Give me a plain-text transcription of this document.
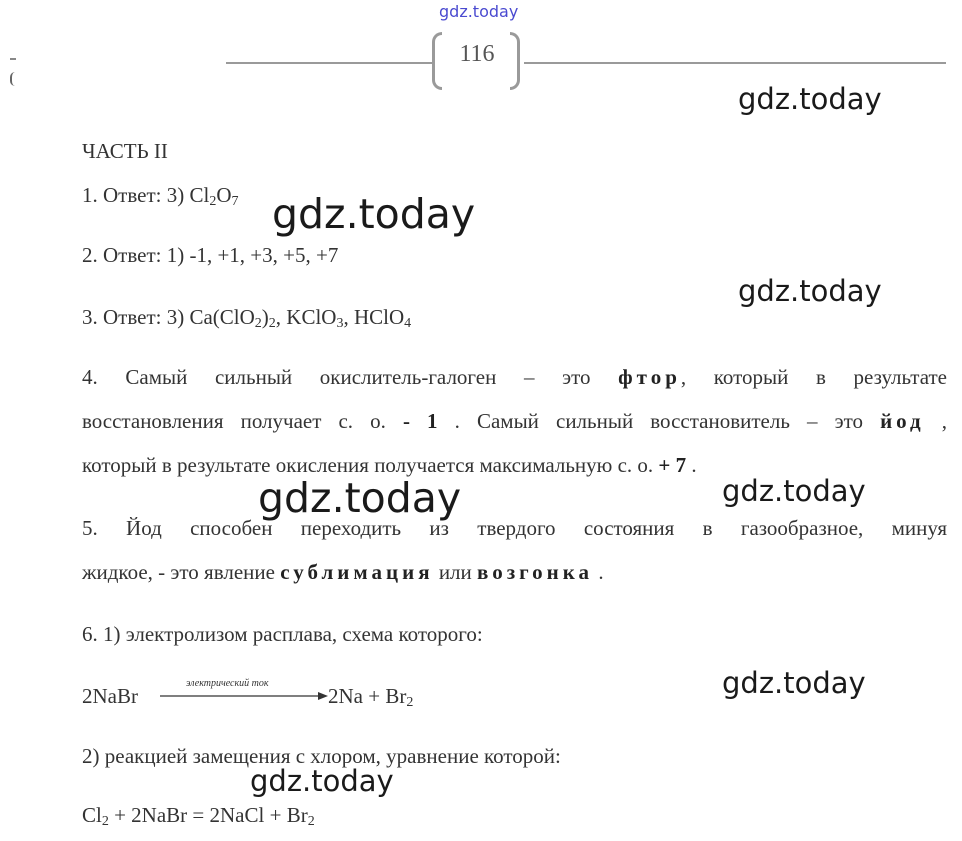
gdz.today
116
gdz.today
gdz.today
gdz.today
gdz.today	gdz.today
gdz.today
gdz.today
ЧАСТЬ II
1. Ответ: 3) $Cl_2O_7$
2. Ответ: 1) -1, +1, +3, +5, +7
3. Ответ: 3) $Ca(ClO_2)_2$, KClO$_3$, HClO$_4$
4. Самый сильный окислитель-галоген – это фтор, который в результате
восстановления получает с. о. - 1 . Самый сильный восстановитель – это йод ,
который в результате окисления получается максимальную с. о. + 7 .
5. Йод способен переходить из твердого состояния в газообразное, минуя
жидкое, - это явление сублимация или возгонка .
6. 1) электролизом расплава, схема которого:
2NaBr
электрический ток
$2Na + Br_2$
2) реакцией замещения с хлором, уравнение которой:
$Cl_2$ + 2NaBr = 2NaCl + $Br_2$
